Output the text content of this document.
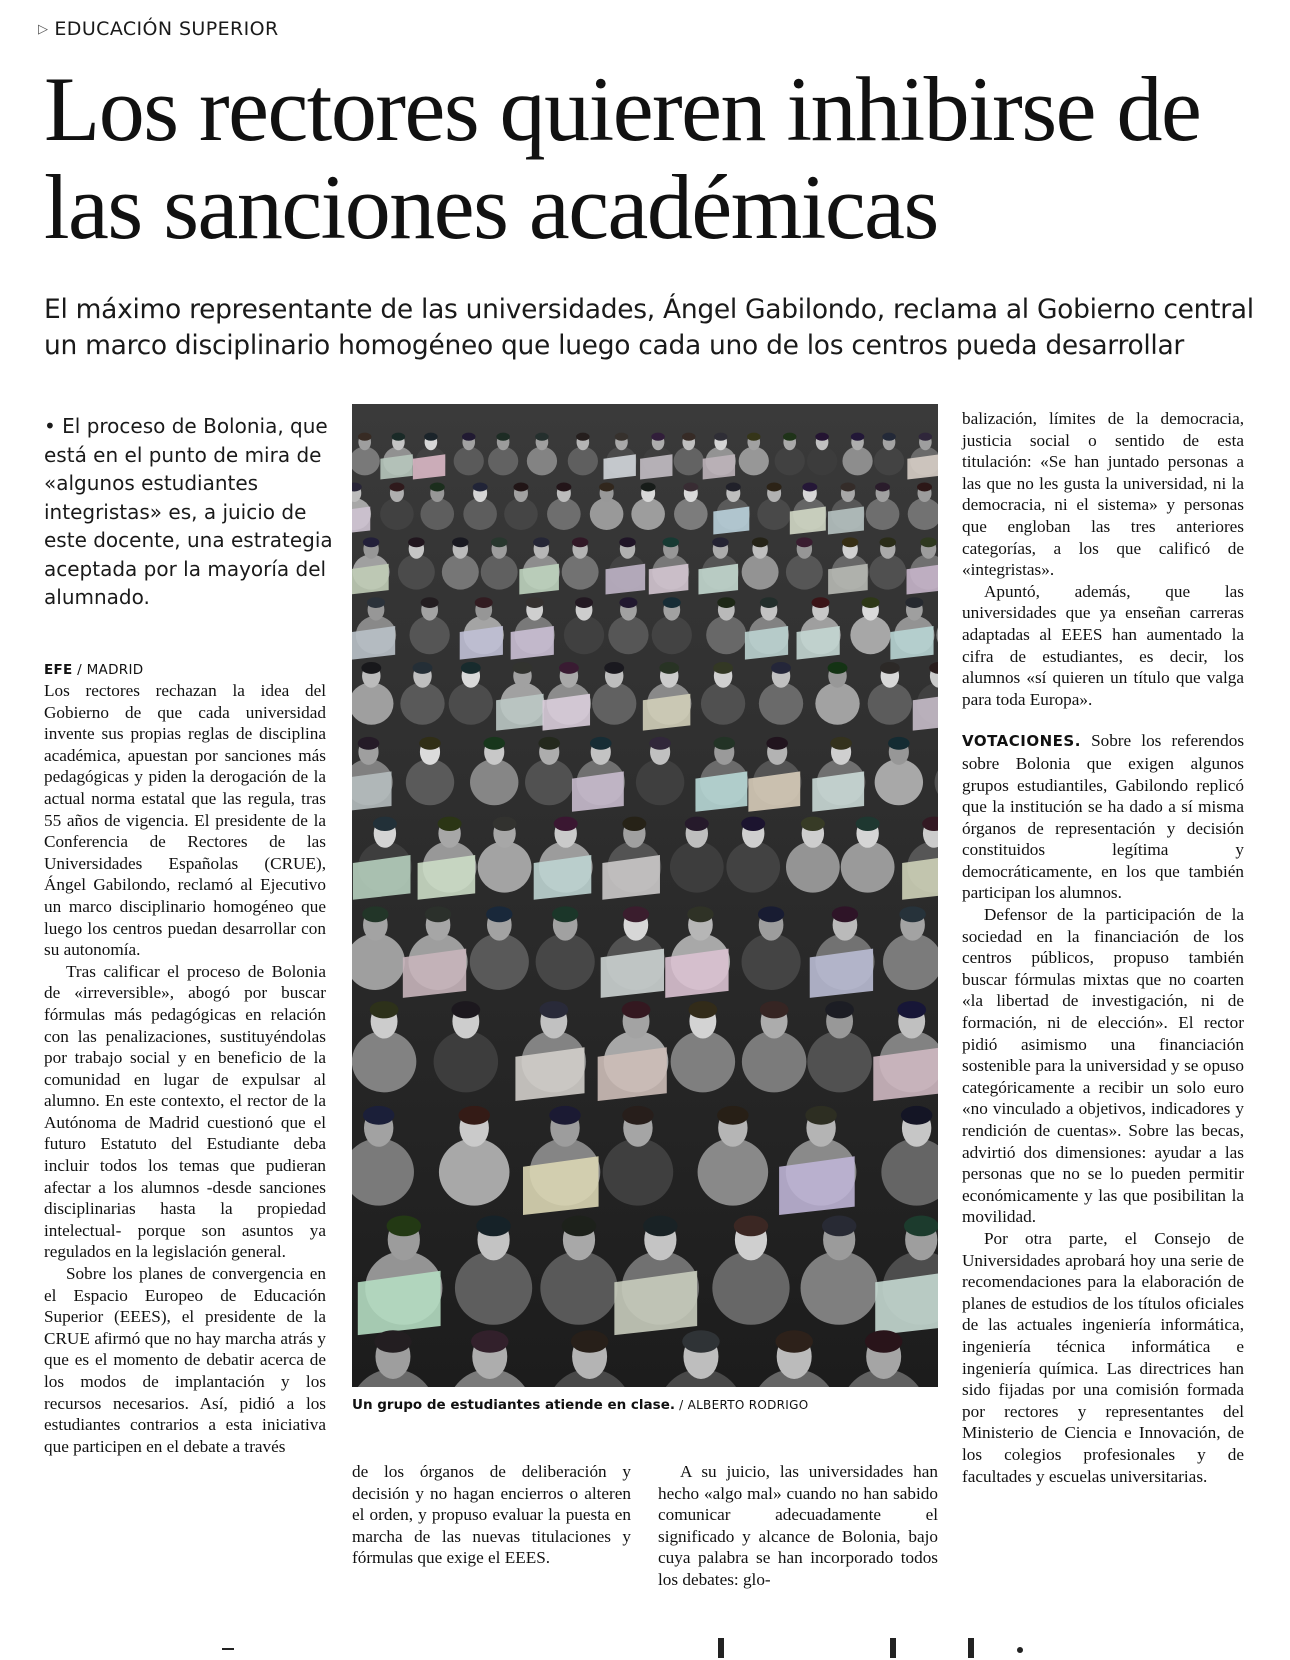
▷ EDUCACIÓN SUPERIOR
Los rectores quieren inhibirse de las sanciones académicas

El máximo representante de las universidades, Ángel Gabilondo, reclama al Gobierno central un marco disciplinario homogéneo que luego cada uno de los centros pueda desarrollar

• El proceso de Bolonia, que está en el punto de mira de «algunos estudiantes integristas» es, a juicio de este docente, una estrategia aceptada por la mayoría del alumnado.

EFE / MADRID

Los rectores rechazan la idea del Gobierno de que cada universidad invente sus propias reglas de disciplina académica, apuestan por sanciones más pedagógicas y piden la derogación de la actual norma estatal que las regula, tras 55 años de vigencia. El presidente de la Conferencia de Rectores de las Universidades Españolas (CRUE), Ángel Gabilondo, reclamó al Ejecutivo un marco disciplinario homogéneo que luego los centros puedan desarrollar con su autonomía.

Tras calificar el proceso de Bolonia de «irreversible», abogó por buscar fórmulas más pedagógicas en relación con las penalizaciones, sustituyéndolas por trabajo social y en beneficio de la comunidad en lugar de expulsar al alumno. En este contexto, el rector de la Autónoma de Madrid cuestionó que el futuro Estatuto del Estudiante deba incluir todos los temas que pudieran afectar a los alumnos -desde sanciones disciplinarias hasta la propiedad intelectual- porque son asuntos ya regulados en la legislación general.

Sobre los planes de convergencia en el Espacio Europeo de Educación Superior (EEES), el presidente de la CRUE afirmó que no hay marcha atrás y que es el momento de debatir acerca de los modos de implantación y los recursos necesarios. Así, pidió a los estudiantes contrarios a esta iniciativa que participen en el debate a través

Un grupo de estudiantes atiende en clase. / ALBERTO RODRIGO

de los órganos de deliberación y decisión y no hagan encierros o alteren el orden, y propuso evaluar la puesta en marcha de las nuevas titulaciones y fórmulas que exige el EEES.

A su juicio, las universidades han hecho «algo mal» cuando no han sabido comunicar adecuadamente el significado y alcance de Bolonia, bajo cuya palabra se han incorporado todos los debates: glo-

balización, límites de la democracia, justicia social o sentido de esta titulación: «Se han juntado personas a las que no les gusta la universidad, ni la democracia, ni el sistema» y personas que engloban las tres anteriores categorías, a los que calificó de «integristas».

Apuntó, además, que las universidades que ya enseñan carreras adaptadas al EEES han aumentado la cifra de estudiantes, es decir, los alumnos «sí quieren un título que valga para toda Europa».

VOTACIONES. Sobre los referendos sobre Bolonia que exigen algunos grupos estudiantiles, Gabilondo replicó que la institución se ha dado a sí misma órganos de representación y decisión constituidos legítima y democráticamente, en los que también participan los alumnos.

Defensor de la participación de la sociedad en la financiación de los centros públicos, propuso también buscar fórmulas mixtas que no coarten «la libertad de investigación, ni de formación, ni de elección». El rector pidió asimismo una financiación sostenible para la universidad y se opuso categóricamente a recibir un solo euro «no vinculado a objetivos, indicadores y rendición de cuentas». Sobre las becas, advirtió dos dimensiones: ayudar a las personas que no se lo pueden permitir económicamente y las que posibilitan la movilidad.

Por otra parte, el Consejo de Universidades aprobará hoy una serie de recomendaciones para la elaboración de planes de estudios de los títulos oficiales de las actuales ingeniería informática, ingeniería técnica informática e ingeniería química. Las directrices han sido fijadas por una comisión formada por rectores y representantes del Ministerio de Ciencia e Innovación, de los colegios profesionales y de facultades y escuelas universitarias.
